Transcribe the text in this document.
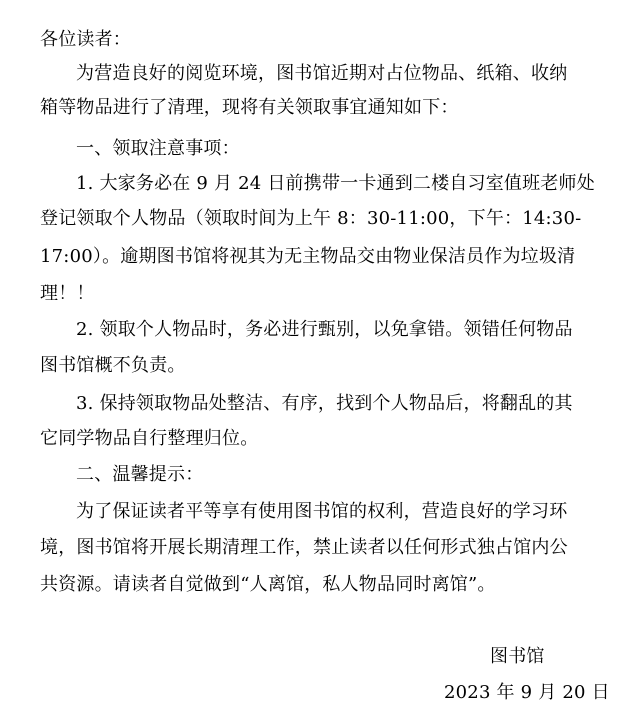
各位读者：
为营造良好的阅览环境，图书馆近期对占位物品、纸箱、收纳
箱等物品进行了清理，现将有关领取事宜通知如下：
一、领取注意事项：
1. 大家务必在 9 月 24 日前携带一卡通到二楼自习室值班老师处
登记领取个人物品（领取时间为上午 8：30-11:00，下午：14:30-
17:00）。逾期图书馆将视其为无主物品交由物业保洁员作为垃圾清
理！！
2. 领取个人物品时，务必进行甄别，以免拿错。领错任何物品
图书馆概不负责。
3. 保持领取物品处整洁、有序，找到个人物品后，将翻乱的其
它同学物品自行整理归位。
二、温馨提示：
为了保证读者平等享有使用图书馆的权利，营造良好的学习环
境，图书馆将开展长期清理工作，禁止读者以任何形式独占馆内公
共资源。请读者自觉做到“人离馆，私人物品同时离馆”。
图书馆
2023 年 9 月 20 日
